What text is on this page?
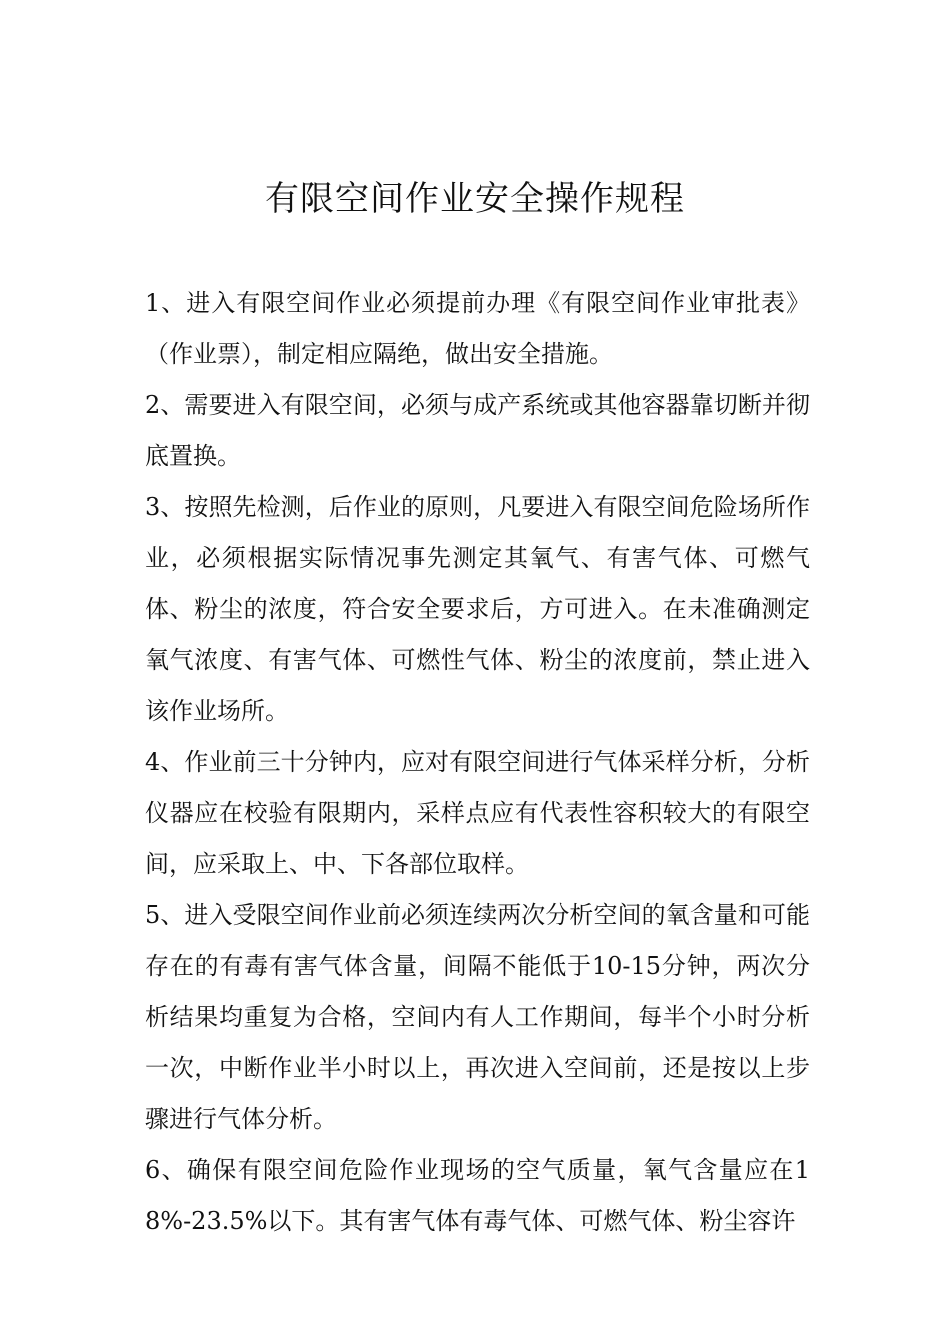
有限空间作业安全操作规程

1、进入有限空间作业必须提前办理《有限空间作业审批表》（作业票），制定相应隔绝，做出安全措施。

2、需要进入有限空间，必须与成产系统或其他容器靠切断并彻底置换。

3、按照先检测，后作业的原则，凡要进入有限空间危险场所作业，必须根据实际情况事先测定其氧气、有害气体、可燃气体、粉尘的浓度，符合安全要求后，方可进入。在未准确测定氧气浓度、有害气体、可燃性气体、粉尘的浓度前，禁止进入该作业场所。

4、作业前三十分钟内，应对有限空间进行气体采样分析，分析仪器应在校验有限期内，采样点应有代表性容积较大的有限空间，应采取上、中、下各部位取样。

5、进入受限空间作业前必须连续两次分析空间的氧含量和可能存在的有毒有害气体含量，间隔不能低于10-15分钟，两次分析结果均重复为合格，空间内有人工作期间，每半个小时分析一次，中断作业半小时以上，再次进入空间前，还是按以上步骤进行气体分析。

6、确保有限空间危险作业现场的空气质量，氧气含量应在18%-23.5%以下。其有害气体有毒气体、可燃气体、粉尘容许
